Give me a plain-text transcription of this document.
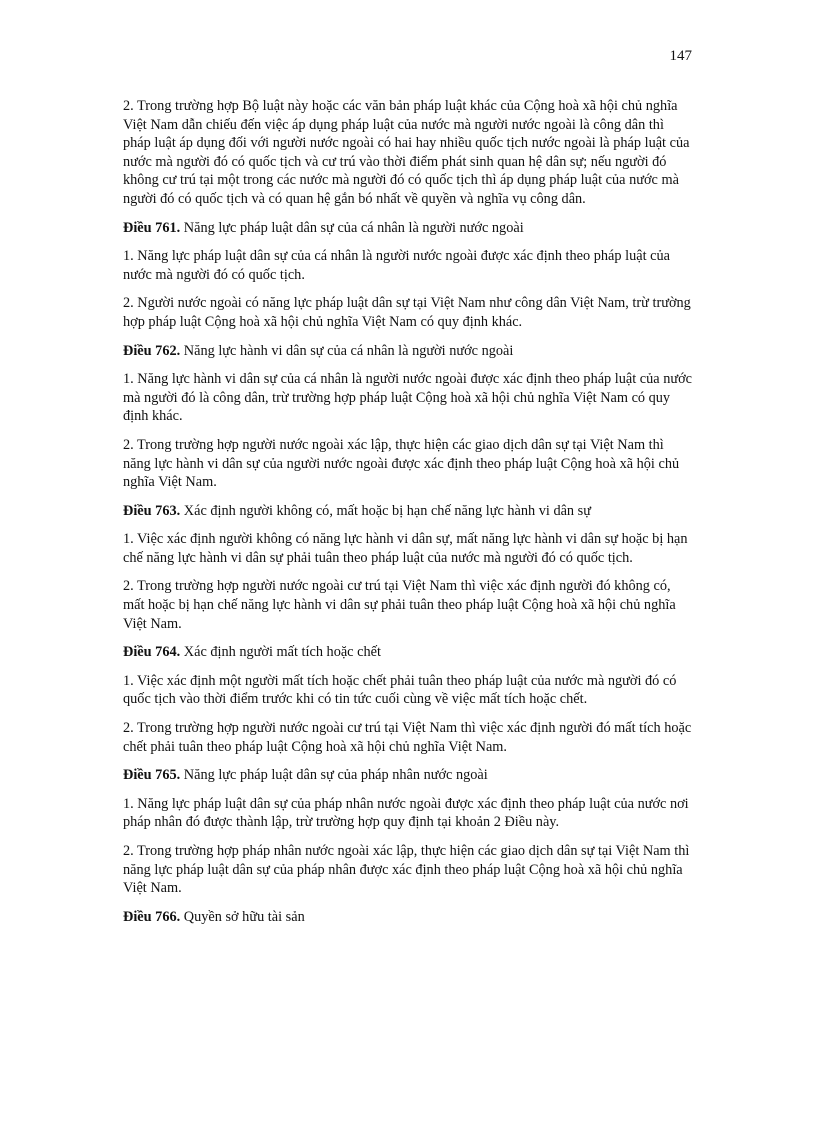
147

2. Trong trường hợp Bộ luật này hoặc các văn bản pháp luật khác của Cộng hoà xã hội chủ nghĩa Việt Nam dẫn chiếu đến việc áp dụng pháp luật của nước mà người nước ngoài là công dân thì pháp luật áp dụng đối với người nước ngoài có hai hay nhiều quốc tịch nước ngoài là pháp luật của nước mà người đó có quốc tịch và cư trú vào thời điểm phát sinh quan hệ dân sự; nếu người đó không cư trú tại một trong các nước mà người đó có quốc tịch thì áp dụng pháp luật của nước mà người đó có quốc tịch và có quan hệ gắn bó nhất về quyền và nghĩa vụ công dân.

Điều 761. Năng lực pháp luật dân sự của cá nhân là người nước ngoài

1. Năng lực pháp luật dân sự của cá nhân là người nước ngoài được xác định theo pháp luật của nước mà người đó có quốc tịch.

2. Người nước ngoài có năng lực pháp luật dân sự tại Việt Nam như công dân Việt Nam, trừ trường hợp pháp luật Cộng hoà xã hội chủ nghĩa Việt Nam có quy định khác.

Điều 762. Năng lực hành vi dân sự của cá nhân là người nước ngoài

1. Năng lực hành vi dân sự của cá nhân là người nước ngoài được xác định theo pháp luật của nước mà người đó là công dân, trừ trường hợp pháp luật Cộng hoà xã hội chủ nghĩa Việt Nam có quy định khác.

2. Trong trường hợp người nước ngoài xác lập, thực hiện các giao dịch dân sự tại Việt Nam thì năng lực hành vi dân sự của người nước ngoài được xác định theo pháp luật Cộng hoà xã hội chủ nghĩa Việt Nam.

Điều 763. Xác định người không có, mất hoặc bị hạn chế năng lực hành vi dân sự

1. Việc xác định người không có năng lực hành vi dân sự, mất năng lực hành vi dân sự hoặc bị hạn chế năng lực hành vi dân sự phải tuân theo pháp luật của nước mà người đó có quốc tịch.

2. Trong trường hợp người nước ngoài cư trú tại Việt Nam thì việc xác định người đó không có, mất hoặc bị hạn chế năng lực hành vi dân sự phải tuân theo pháp luật Cộng hoà xã hội chủ nghĩa Việt Nam.

Điều 764. Xác định người mất tích hoặc chết

1. Việc xác định một người mất tích hoặc chết phải tuân theo pháp luật của nước mà người đó có quốc tịch vào thời điểm trước khi có tin tức cuối cùng về việc mất tích hoặc chết.

2. Trong trường hợp người nước ngoài cư trú tại Việt Nam thì việc xác định người đó mất tích hoặc chết phải tuân theo pháp luật Cộng hoà xã hội chủ nghĩa Việt Nam.

Điều 765. Năng lực pháp luật dân sự của pháp nhân nước ngoài

1. Năng lực pháp luật dân sự của pháp nhân nước ngoài được xác định theo pháp luật của nước nơi pháp nhân đó được thành lập, trừ trường hợp quy định tại khoản 2 Điều này.

2. Trong trường hợp pháp nhân nước ngoài xác lập, thực hiện các giao dịch dân sự tại Việt Nam thì năng lực pháp luật dân sự của pháp nhân được xác định theo pháp luật Cộng hoà xã hội chủ nghĩa Việt Nam.

Điều 766. Quyền sở hữu tài sản
